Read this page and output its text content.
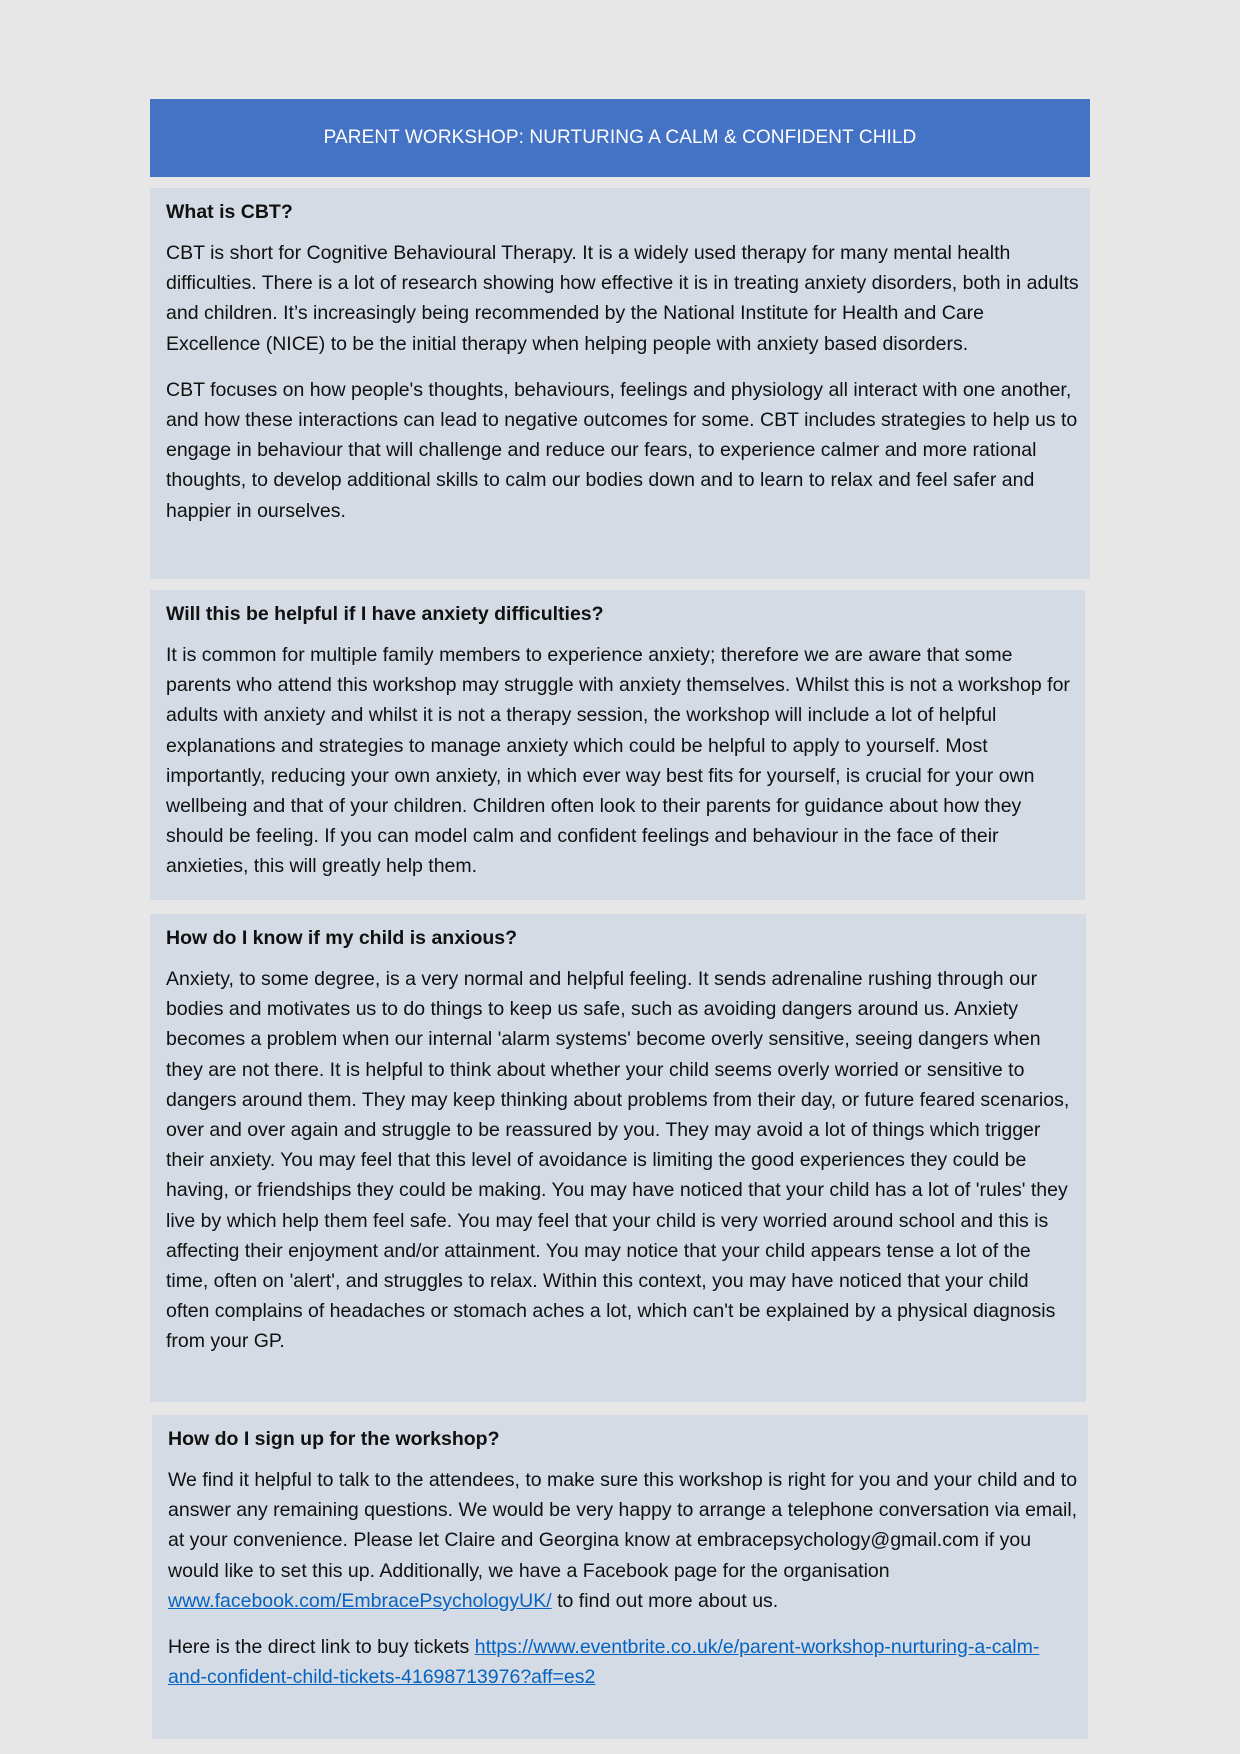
PARENT WORKSHOP: NURTURING A CALM & CONFIDENT CHILD
What is CBT?

CBT is short for Cognitive Behavioural Therapy. It is a widely used therapy for many mental health difficulties. There is a lot of research showing how effective it is in treating anxiety disorders, both in adults and children. It’s increasingly being recommended by the National Institute for Health and Care Excellence (NICE) to be the initial therapy when helping people with anxiety based disorders.

CBT focuses on how people's thoughts, behaviours, feelings and physiology all interact with one another, and how these interactions can lead to negative outcomes for some. CBT includes strategies to help us to engage in behaviour that will challenge and reduce our fears, to experience calmer and more rational thoughts, to develop additional skills to calm our bodies down and to learn to relax and feel safer and happier in ourselves.

Will this be helpful if I have anxiety difficulties?

It is common for multiple family members to experience anxiety; therefore we are aware that some parents who attend this workshop may struggle with anxiety themselves. Whilst this is not a workshop for adults with anxiety and whilst it is not a therapy session, the workshop will include a lot of helpful explanations and strategies to manage anxiety which could be helpful to apply to yourself. Most importantly, reducing your own anxiety, in which ever way best fits for yourself, is crucial for your own wellbeing and that of your children. Children often look to their parents for guidance about how they should be feeling. If you can model calm and confident feelings and behaviour in the face of their anxieties, this will greatly help them.

How do I know if my child is anxious?

Anxiety, to some degree, is a very normal and helpful feeling. It sends adrenaline rushing through our bodies and motivates us to do things to keep us safe, such as avoiding dangers around us. Anxiety becomes a problem when our internal 'alarm systems' become overly sensitive, seeing dangers when they are not there. It is helpful to think about whether your child seems overly worried or sensitive to dangers around them. They may keep thinking about problems from their day, or future feared scenarios, over and over again and struggle to be reassured by you. They may avoid a lot of things which trigger their anxiety. You may feel that this level of avoidance is limiting the good experiences they could be having, or friendships they could be making. You may have noticed that your child has a lot of 'rules' they live by which help them feel safe. You may feel that your child is very worried around school and this is affecting their enjoyment and/or attainment. You may notice that your child appears tense a lot of the time, often on 'alert', and struggles to relax. Within this context, you may have noticed that your child often complains of headaches or stomach aches a lot, which can't be explained by a physical diagnosis from your GP.

How do I sign up for the workshop?

We find it helpful to talk to the attendees, to make sure this workshop is right for you and your child and to answer any remaining questions. We would be very happy to arrange a telephone conversation via email, at your convenience. Please let Claire and Georgina know at embracepsychology@gmail.com if you would like to set this up. Additionally, we have a Facebook page for the organisation www.facebook.com/EmbracePsychologyUK/ to find out more about us.

Here is the direct link to buy tickets https://www.eventbrite.co.uk/e/parent-workshop-nurturing-a-calm-and-confident-child-tickets-41698713976?aff=es2
